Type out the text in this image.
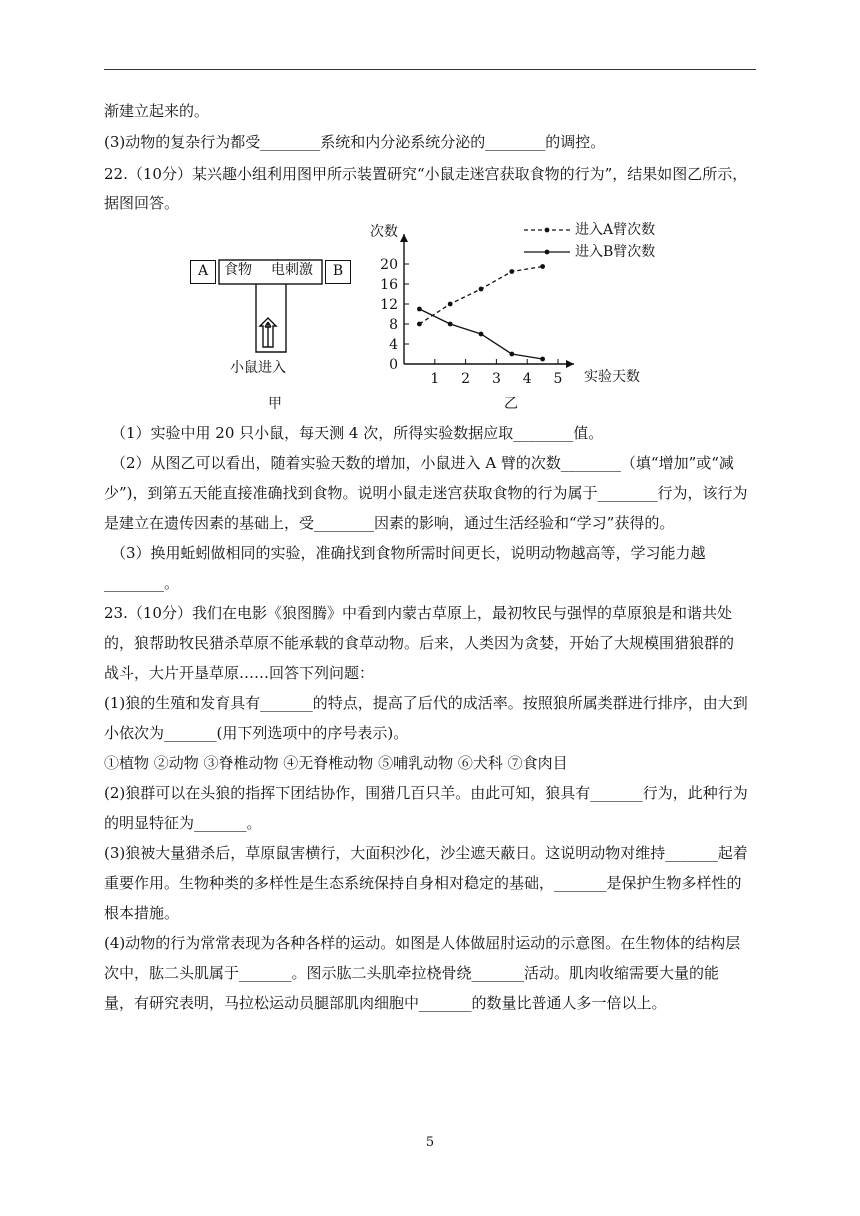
渐建立起来的。
(3)动物的复杂行为都受________系统和内分泌系统分泌的________的调控。
22.（10分）某兴趣小组利用图甲所示装置研究“小鼠走迷宫获取食物的行为”，结果如图乙所示，
据图回答。
（1）实验中用 20 只小鼠，每天测 4 次，所得实验数据应取________值。
（2）从图乙可以看出，随着实验天数的增加，小鼠进入 A 臂的次数________（填“增加”或“减
少”)，到第五天能直接准确找到食物。说明小鼠走迷宫获取食物的行为属于________行为，该行为
是建立在遗传因素的基础上，受________因素的影响，通过生活经验和“学习”获得的。
（3）换用蚯蚓做相同的实验，准确找到食物所需时间更长，说明动物越高等，学习能力越
________。
23.（10分）我们在电影《狼图腾》中看到内蒙古草原上，最初牧民与强悍的草原狼是和谐共处
的，狼帮助牧民猎杀草原不能承载的食草动物。后来，人类因为贪婪，开始了大规模围猎狼群的
战斗，大片开垦草原……回答下列问题：
(1)狼的生殖和发育具有_______的特点，提高了后代的成活率。按照狼所属类群进行排序，由大到
小依次为_______(用下列选项中的序号表示)。
①植物 ②动物 ③脊椎动物 ④无脊椎动物 ⑤哺乳动物 ⑥犬科 ⑦食肉目
(2)狼群可以在头狼的指挥下团结协作，围猎几百只羊。由此可知，狼具有_______行为，此种行为
的明显特征为_______。
(3)狼被大量猎杀后，草原鼠害横行，大面积沙化，沙尘遮天蔽日。这说明动物对维持_______起着
重要作用。生物种类的多样性是生态系统保持自身相对稳定的基础，_______是保护生物多样性的
根本措施。
(4)动物的行为常常表现为各种各样的运动。如图是人体做屈肘运动的示意图。在生物体的结构层
次中，肱二头肌属于_______。图示肱二头肌牵拉桡骨绕_______活动。肌肉收缩需要大量的能
量，有研究表明，马拉松运动员腿部肌肉细胞中_______的数量比普通人多一倍以上。
A	B
食物 电刺激
小鼠进入
甲
0
4
8
12
16
20
1 2 3 4 5
次数
实验天数
进入A臂次数
进入B臂次数
乙
5
